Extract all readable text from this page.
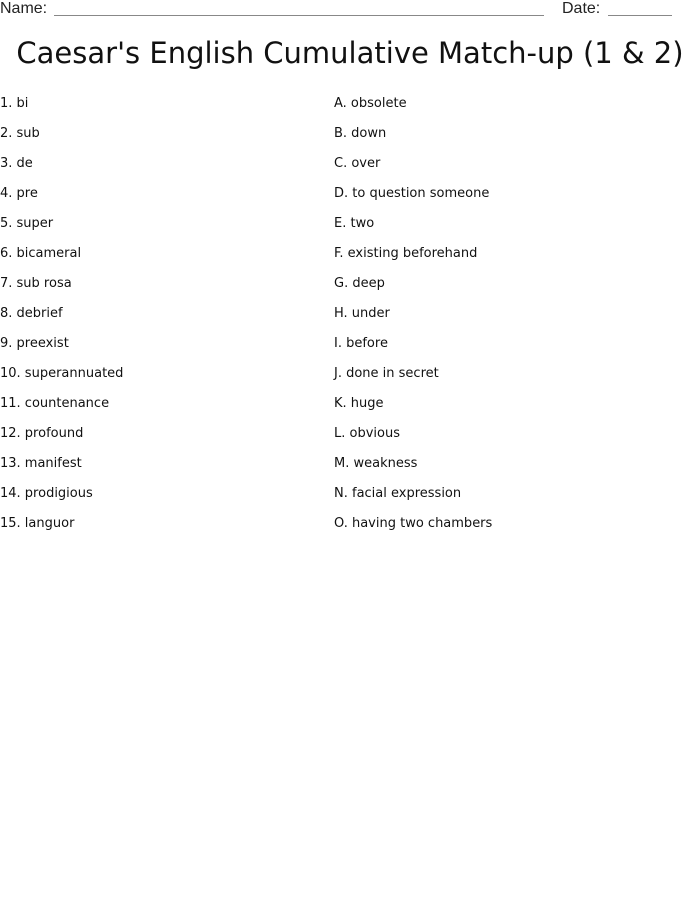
Name:	Date:
Caesar's English Cumulative Match-up (1 & 2)
1. bi
2. sub
3. de
4. pre
5. super
6. bicameral
7. sub rosa
8. debrief
9. preexist
10. superannuated
11. countenance
12. profound
13. manifest
14. prodigious
15. languor
A. obsolete
B. down
C. over
D. to question someone
E. two
F. existing beforehand
G. deep
H. under
I. before
J. done in secret
K. huge
L. obvious
M. weakness
N. facial expression
O. having two chambers
